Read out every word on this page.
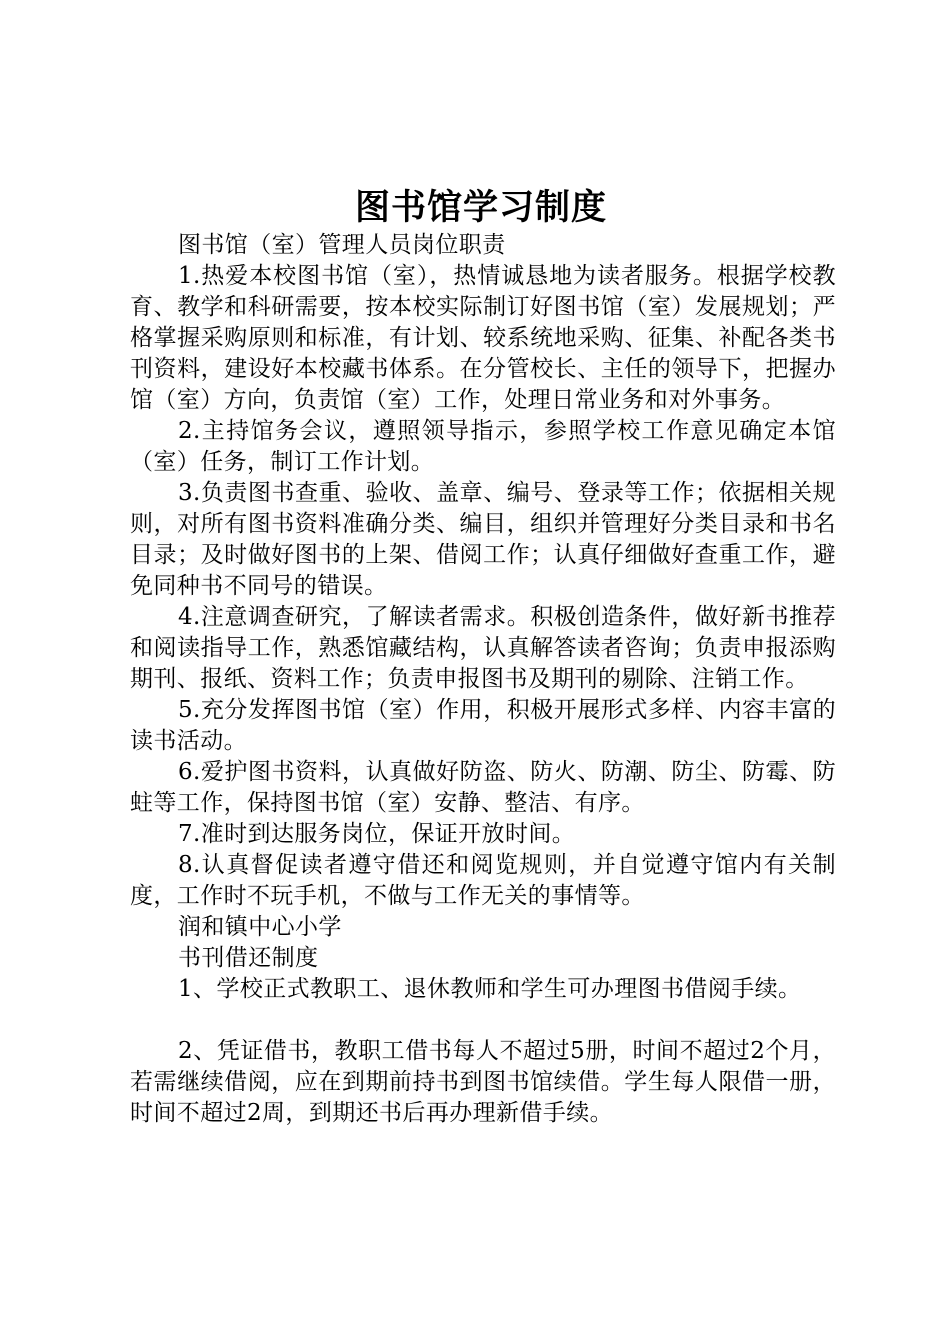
图书馆学习制度

图书馆（室）管理人员岗位职责

1.热爱本校图书馆（室），热情诚恳地为读者服务。根据学校教育、教学和科研需要，按本校实际制订好图书馆（室）发展规划；严格掌握采购原则和标准，有计划、较系统地采购、征集、补配各类书刊资料，建设好本校藏书体系。在分管校长、主任的领导下，把握办馆（室）方向，负责馆（室）工作，处理日常业务和对外事务。

2.主持馆务会议，遵照领导指示，参照学校工作意见确定本馆（室）任务，制订工作计划。

3.负责图书查重、验收、盖章、编号、登录等工作；依据相关规则，对所有图书资料准确分类、编目，组织并管理好分类目录和书名目录；及时做好图书的上架、借阅工作；认真仔细做好查重工作，避免同种书不同号的错误。

4.注意调查研究，了解读者需求。积极创造条件，做好新书推荐和阅读指导工作，熟悉馆藏结构，认真解答读者咨询；负责申报添购期刊、报纸、资料工作；负责申报图书及期刊的剔除、注销工作。

5.充分发挥图书馆（室）作用，积极开展形式多样、内容丰富的读书活动。

6.爱护图书资料，认真做好防盗、防火、防潮、防尘、防霉、防蛀等工作，保持图书馆（室）安静、整洁、有序。

7.准时到达服务岗位，保证开放时间。

8.认真督促读者遵守借还和阅览规则，并自觉遵守馆内有关制度，工作时不玩手机，不做与工作无关的事情等。

润和镇中心小学

书刊借还制度

1、学校正式教职工、退休教师和学生可办理图书借阅手续。

2、凭证借书，教职工借书每人不超过5册，时间不超过2个月，若需继续借阅，应在到期前持书到图书馆续借。学生每人限借一册，时间不超过2周，到期还书后再办理新借手续。
